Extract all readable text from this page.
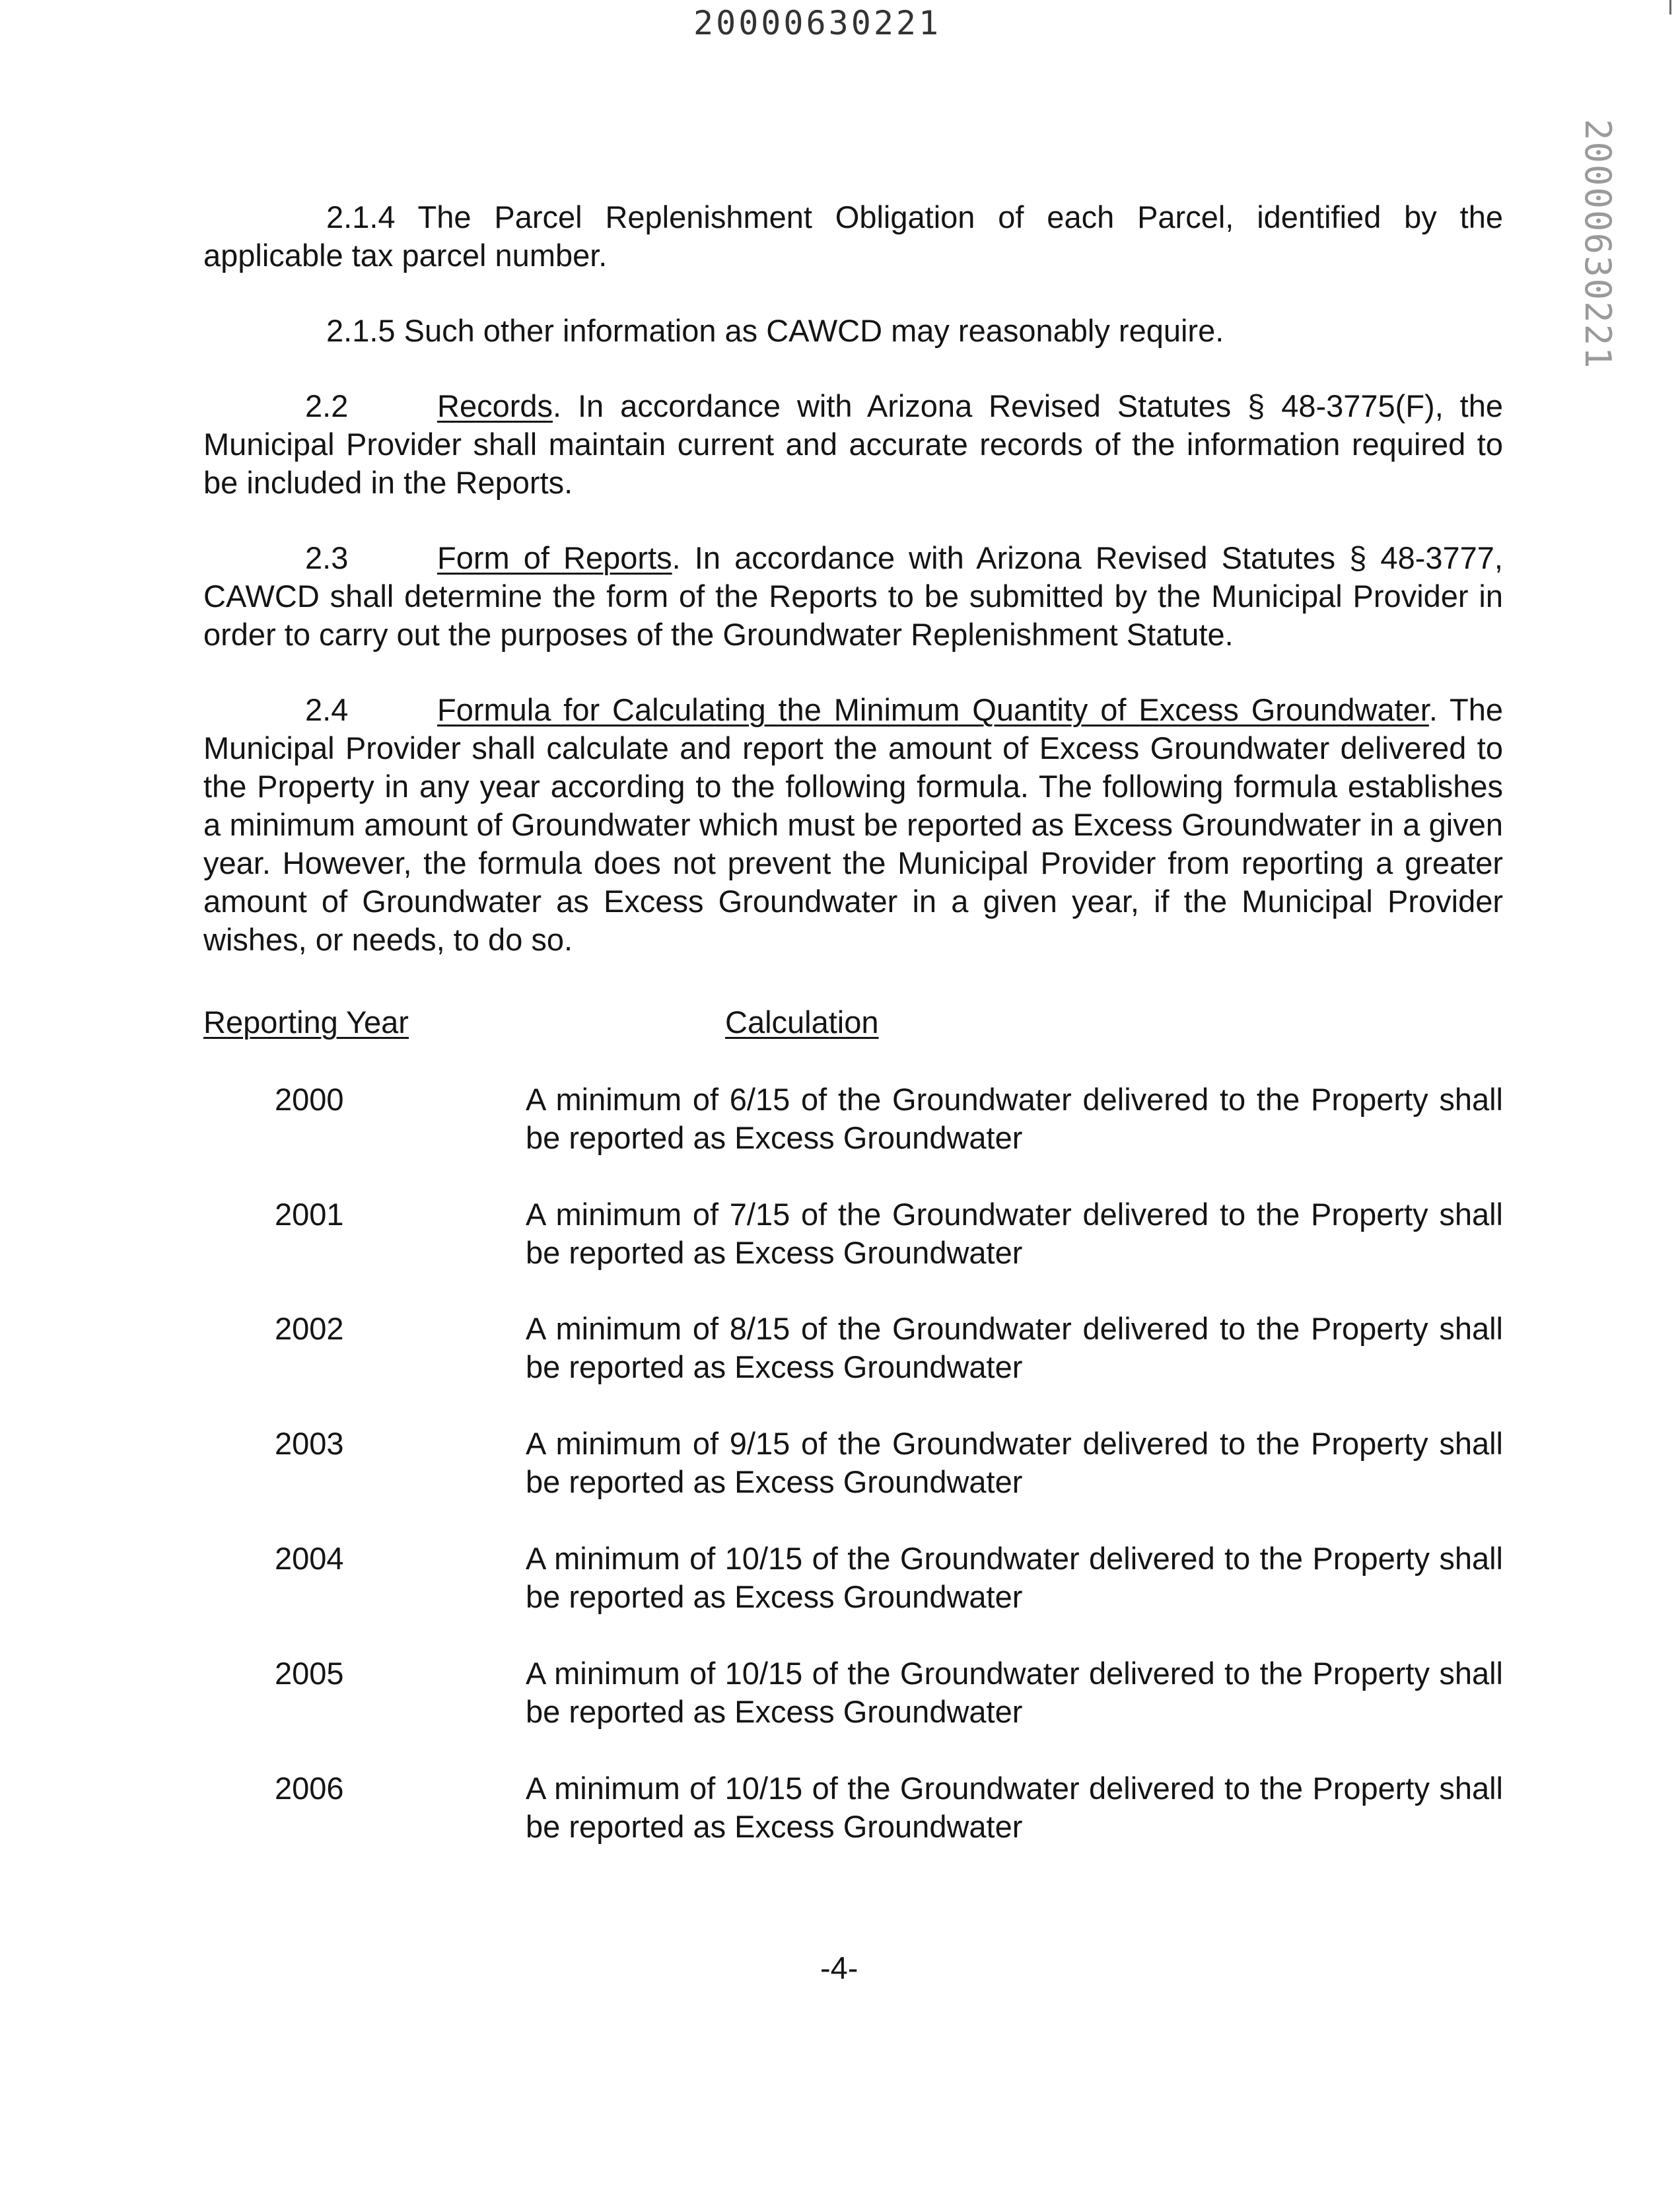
20000630221
20000630221

2.1.4 The Parcel Replenishment Obligation of each Parcel, identified by the applicable tax parcel number.

2.1.5 Such other information as CAWCD may reasonably require.

2.2	Records. In accordance with Arizona Revised Statutes § 48-3775(F), the Municipal Provider shall maintain current and accurate records of the information required to be included in the Reports.

2.3	Form of Reports. In accordance with Arizona Revised Statutes § 48-3777, CAWCD shall determine the form of the Reports to be submitted by the Municipal Provider in order to carry out the purposes of the Groundwater Replenishment Statute.

2.4	Formula for Calculating the Minimum Quantity of Excess Groundwater. The Municipal Provider shall calculate and report the amount of Excess Groundwater delivered to the Property in any year according to the following formula. The following formula establishes a minimum amount of Groundwater which must be reported as Excess Groundwater in a given year. However, the formula does not prevent the Municipal Provider from reporting a greater amount of Groundwater as Excess Groundwater in a given year, if the Municipal Provider wishes, or needs, to do so.

Reporting Year	Calculation
2000	A minimum of 6/15 of the Groundwater delivered to the Property shall be reported as Excess Groundwater
2001	A minimum of 7/15 of the Groundwater delivered to the Property shall be reported as Excess Groundwater
2002	A minimum of 8/15 of the Groundwater delivered to the Property shall be reported as Excess Groundwater
2003	A minimum of 9/15 of the Groundwater delivered to the Property shall be reported as Excess Groundwater
2004	A minimum of 10/15 of the Groundwater delivered to the Property shall be reported as Excess Groundwater
2005	A minimum of 10/15 of the Groundwater delivered to the Property shall be reported as Excess Groundwater
2006	A minimum of 10/15 of the Groundwater delivered to the Property shall be reported as Excess Groundwater
-4-
